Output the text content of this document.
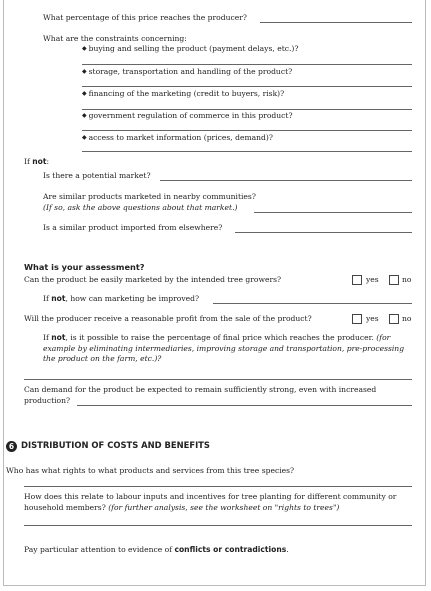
What percentage of this price reaches the producer?
What are the constraints concerning:
◆ buying and selling the product (payment delays, etc.)?
◆ storage, transportation and handling of the product?
◆ financing of the marketing (credit to buyers, risk)?
◆ government regulation of commerce in this product?
◆ access to market information (prices, demand)?
If not:
Is there a potential market?
Are similar products marketed in nearby communities?
(If so, ask the above questions about that market.)
Is a similar product imported from elsewhere?
What is your assessment?
Can the product be easily marketed by the intended tree growers?	yes	no
If not, how can marketing be improved?
Will the producer receive a reasonable profit from the sale of the product?	yes	no
If not, is it possible to raise the percentage of final price which reaches the producer. (for example by eliminating intermediaries, improving storage and transportation, pre-processing the product on the farm, etc.)?
Can demand for the product be expected to remain sufficiently strong, even with increased production?
6 DISTRIBUTION OF COSTS AND BENEFITS
Who has what rights to what products and services from this tree species?
How does this relate to labour inputs and incentives for tree planting for different community or household members? (for further analysis, see the worksheet on "rights to trees")
Pay particular attention to evidence of conflicts or contradictions.
